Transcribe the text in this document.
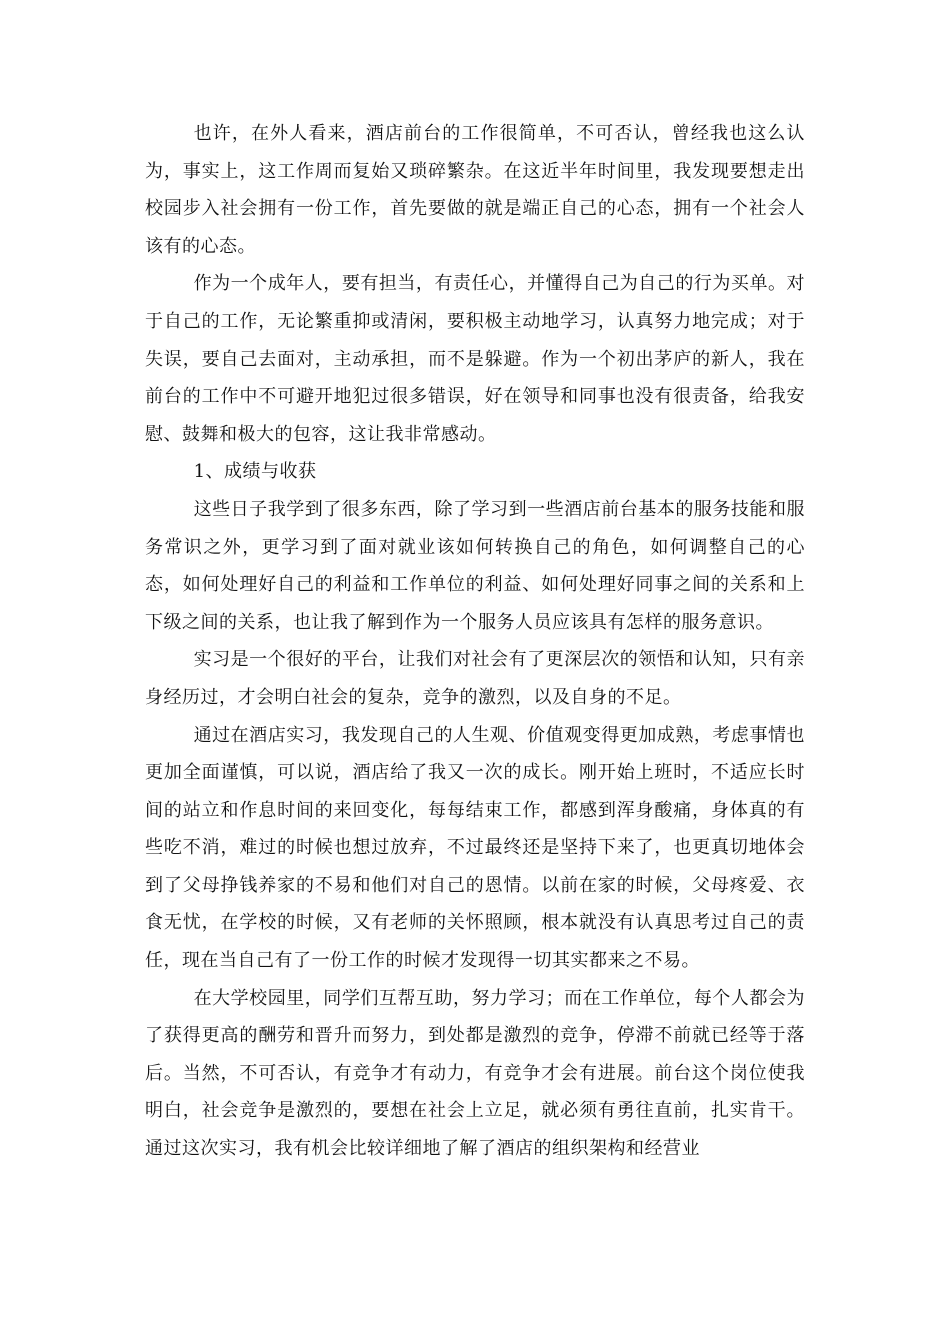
也许，在外人看来，酒店前台的工作很简单，不可否认，曾经我也这么认为，事实上，这工作周而复始又琐碎繁杂。在这近半年时间里，我发现要想走出校园步入社会拥有一份工作，首先要做的就是端正自己的心态，拥有一个社会人该有的心态。

作为一个成年人，要有担当，有责任心，并懂得自己为自己的行为买单。对于自己的工作，无论繁重抑或清闲，要积极主动地学习，认真努力地完成；对于失误，要自己去面对，主动承担，而不是躲避。作为一个初出茅庐的新人，我在前台的工作中不可避开地犯过很多错误，好在领导和同事也没有很责备，给我安慰、鼓舞和极大的包容，这让我非常感动。

1、成绩与收获

这些日子我学到了很多东西，除了学习到一些酒店前台基本的服务技能和服务常识之外，更学习到了面对就业该如何转换自己的角色，如何调整自己的心态，如何处理好自己的利益和工作单位的利益、如何处理好同事之间的关系和上下级之间的关系，也让我了解到作为一个服务人员应该具有怎样的服务意识。

实习是一个很好的平台，让我们对社会有了更深层次的领悟和认知，只有亲身经历过，才会明白社会的复杂，竞争的激烈，以及自身的不足。

通过在酒店实习，我发现自己的人生观、价值观变得更加成熟，考虑事情也更加全面谨慎，可以说，酒店给了我又一次的成长。刚开始上班时，不适应长时间的站立和作息时间的来回变化，每每结束工作，都感到浑身酸痛，身体真的有些吃不消，难过的时候也想过放弃，不过最终还是坚持下来了，也更真切地体会到了父母挣钱养家的不易和他们对自己的恩情。以前在家的时候，父母疼爱、衣食无忧，在学校的时候，又有老师的关怀照顾，根本就没有认真思考过自己的责任，现在当自己有了一份工作的时候才发现得一切其实都来之不易。

在大学校园里，同学们互帮互助，努力学习；而在工作单位，每个人都会为了获得更高的酬劳和晋升而努力，到处都是激烈的竞争，停滞不前就已经等于落后。当然，不可否认，有竞争才有动力，有竞争才会有进展。前台这个岗位使我明白，社会竞争是激烈的，要想在社会上立足，就必须有勇往直前，扎实肯干。通过这次实习，我有机会比较详细地了解了酒店的组织架构和经营业
